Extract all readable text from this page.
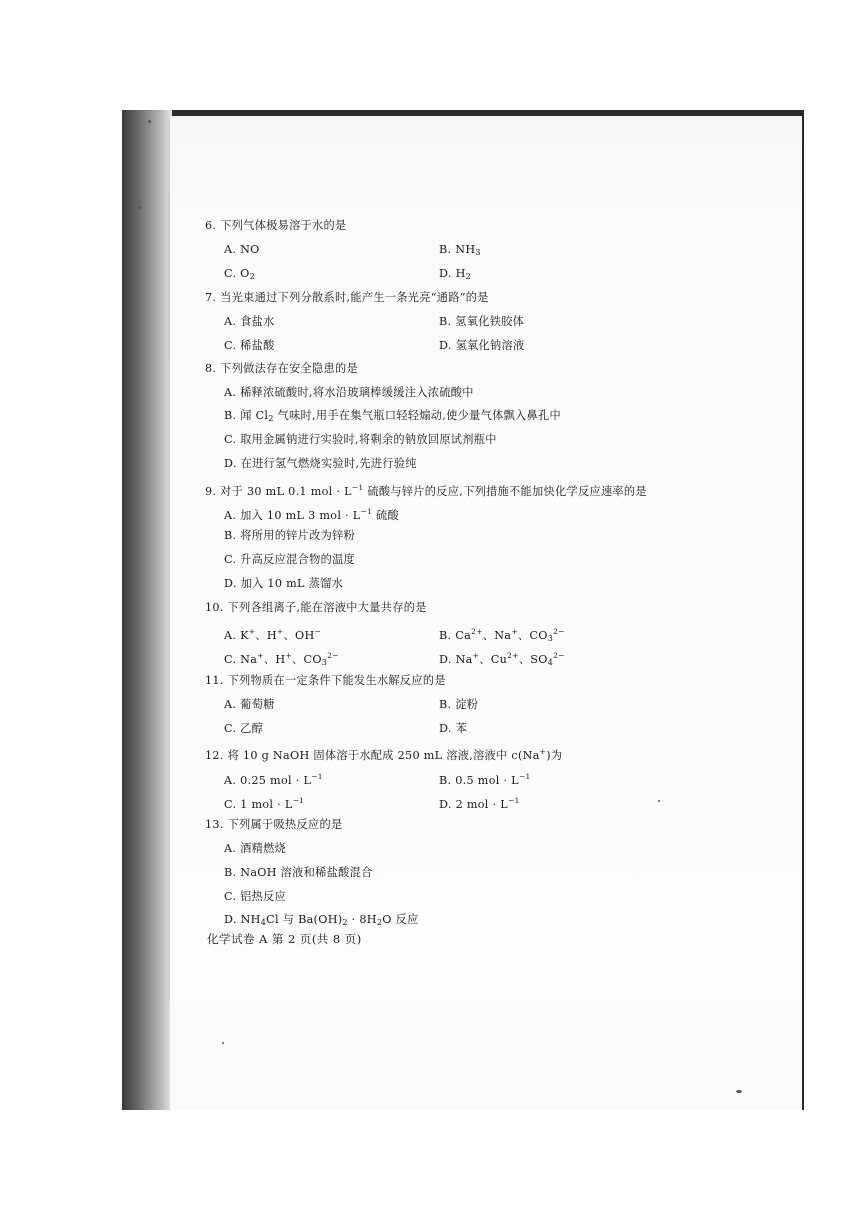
6. 下列气体极易溶于水的是
A. NO	B. $NH_3$
C. $O_2$	D. $H_2$
7. 当光束通过下列分散系时,能产生一条光亮“通路”的是
A. 食盐水	B. 氢氧化铁胶体
C. 稀盐酸	D. 氢氧化钠溶液
8. 下列做法存在安全隐患的是
A. 稀释浓硫酸时,将水沿玻璃棒缓缓注入浓硫酸中
B. 闻 $Cl_2$ 气味时,用手在集气瓶口轻轻煽动,使少量气体飘入鼻孔中
C. 取用金属钠进行实验时,将剩余的钠放回原试剂瓶中
D. 在进行氢气燃烧实验时,先进行验纯
9. 对于 30 mL 0.1 mol · $L^{-1}$ 硫酸与锌片的反应,下列措施不能加快化学反应速率的是
A. 加入 10 mL 3 mol · $L^{-1}$ 硫酸
B. 将所用的锌片改为锌粉
C. 升高反应混合物的温度
D. 加入 10 mL 蒸馏水
10. 下列各组离子,能在溶液中大量共存的是
A. K+、H+、OH−	B. $Ca^{2+}$、Na+、$CO_3^{2-}$
C. Na+、H+、$CO_3^{2-}$	D. Na+、$Cu^{2+}$、$SO_4^{2-}$
11. 下列物质在一定条件下能发生水解反应的是
A. 葡萄糖	B. 淀粉
C. 乙醇	D. 苯
12. 将 10 g NaOH 固体溶于水配成 250 mL 溶液,溶液中 c(Na+)为
A. 0.25 mol · $L^{-1}$	B. 0.5 mol · $L^{-1}$
C. 1 mol · $L^{-1}$	D. 2 mol · $L^{-1}$
13. 下列属于吸热反应的是
A. 酒精燃烧
B. NaOH 溶液和稀盐酸混合
C. 铝热反应
D. $NH_4Cl$ 与 $Ba(OH)_2 \cdot 8H_2O$ 反应
化学试卷 A 第 2 页(共 8 页)
